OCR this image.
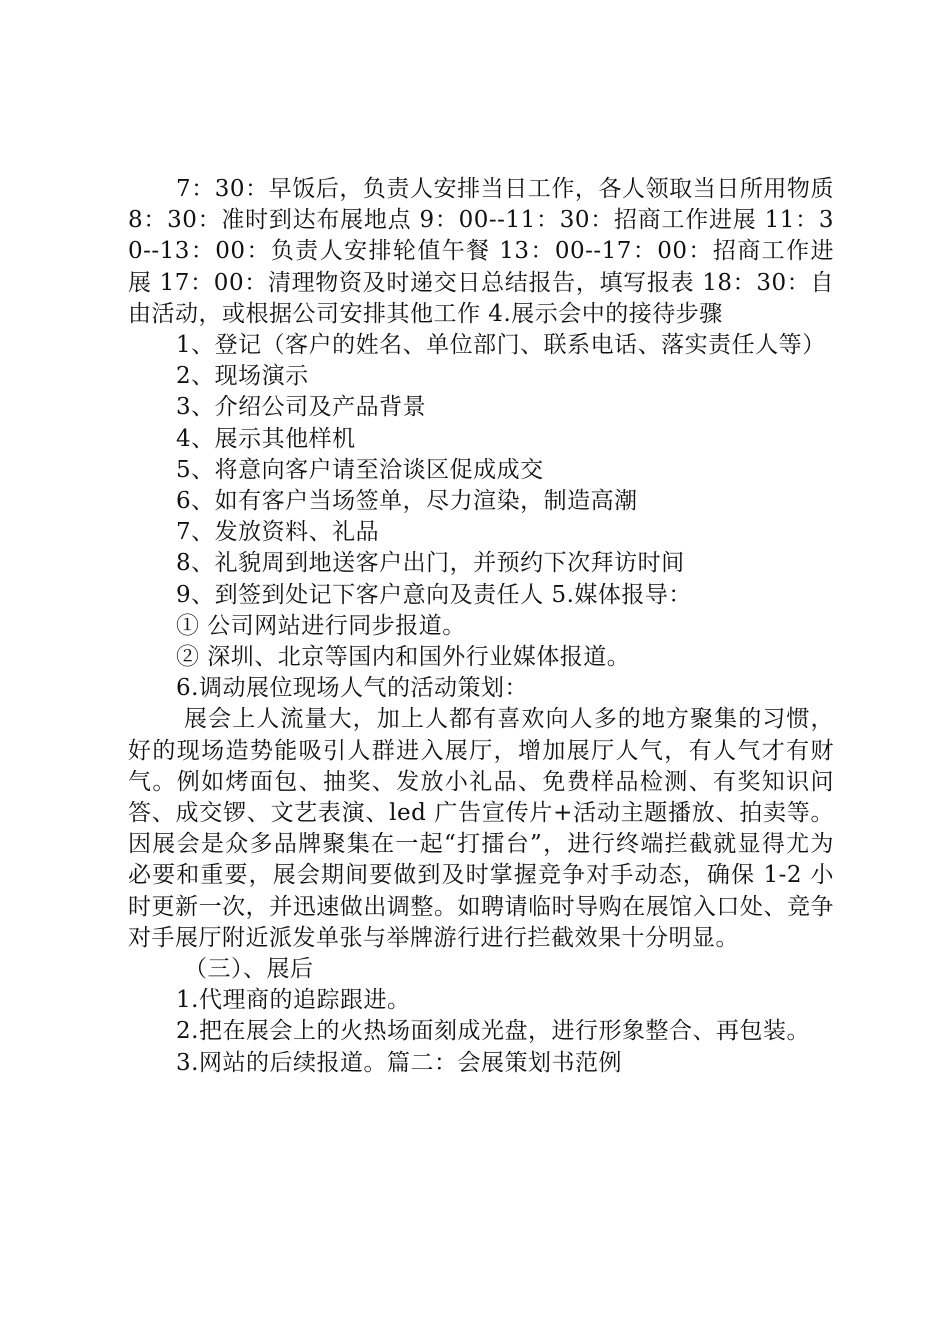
7：30：早饭后，负责人安排当日工作，各人领取当日所用物质 8：30：准时到达布展地点 9：00--11：30：招商工作进展 11：30--13：00：负责人安排轮值午餐 13：00--17：00：招商工作进展 17：00：清理物资及时递交日总结报告，填写报表 18：30：自由活动，或根据公司安排其他工作 4.展示会中的接待步骤

1、登记（客户的姓名、单位部门、联系电话、落实责任人等）

2、现场演示

3、介绍公司及产品背景

4、展示其他样机

5、将意向客户请至洽谈区促成成交

6、如有客户当场签单，尽力渲染，制造高潮

7、发放资料、礼品

8、礼貌周到地送客户出门，并预约下次拜访时间

9、到签到处记下客户意向及责任人 5.媒体报导：

① 公司网站进行同步报道。

② 深圳、北京等国内和国外行业媒体报道。

6.调动展位现场人气的活动策划：

展会上人流量大，加上人都有喜欢向人多的地方聚集的习惯，好的现场造势能吸引人群进入展厅，增加展厅人气，有人气才有财气。例如烤面包、抽奖、发放小礼品、免费样品检测、有奖知识问答、成交锣、文艺表演、led 广告宣传片+活动主题播放、拍卖等。因展会是众多品牌聚集在一起“打擂台”，进行终端拦截就显得尤为必要和重要，展会期间要做到及时掌握竞争对手动态，确保 1-2 小时更新一次，并迅速做出调整。如聘请临时导购在展馆入口处、竞争对手展厅附近派发单张与举牌游行进行拦截效果十分明显。

（三）、展后

1.代理商的追踪跟进。

2.把在展会上的火热场面刻成光盘，进行形象整合、再包装。

3.网站的后续报道。篇二：会展策划书范例
